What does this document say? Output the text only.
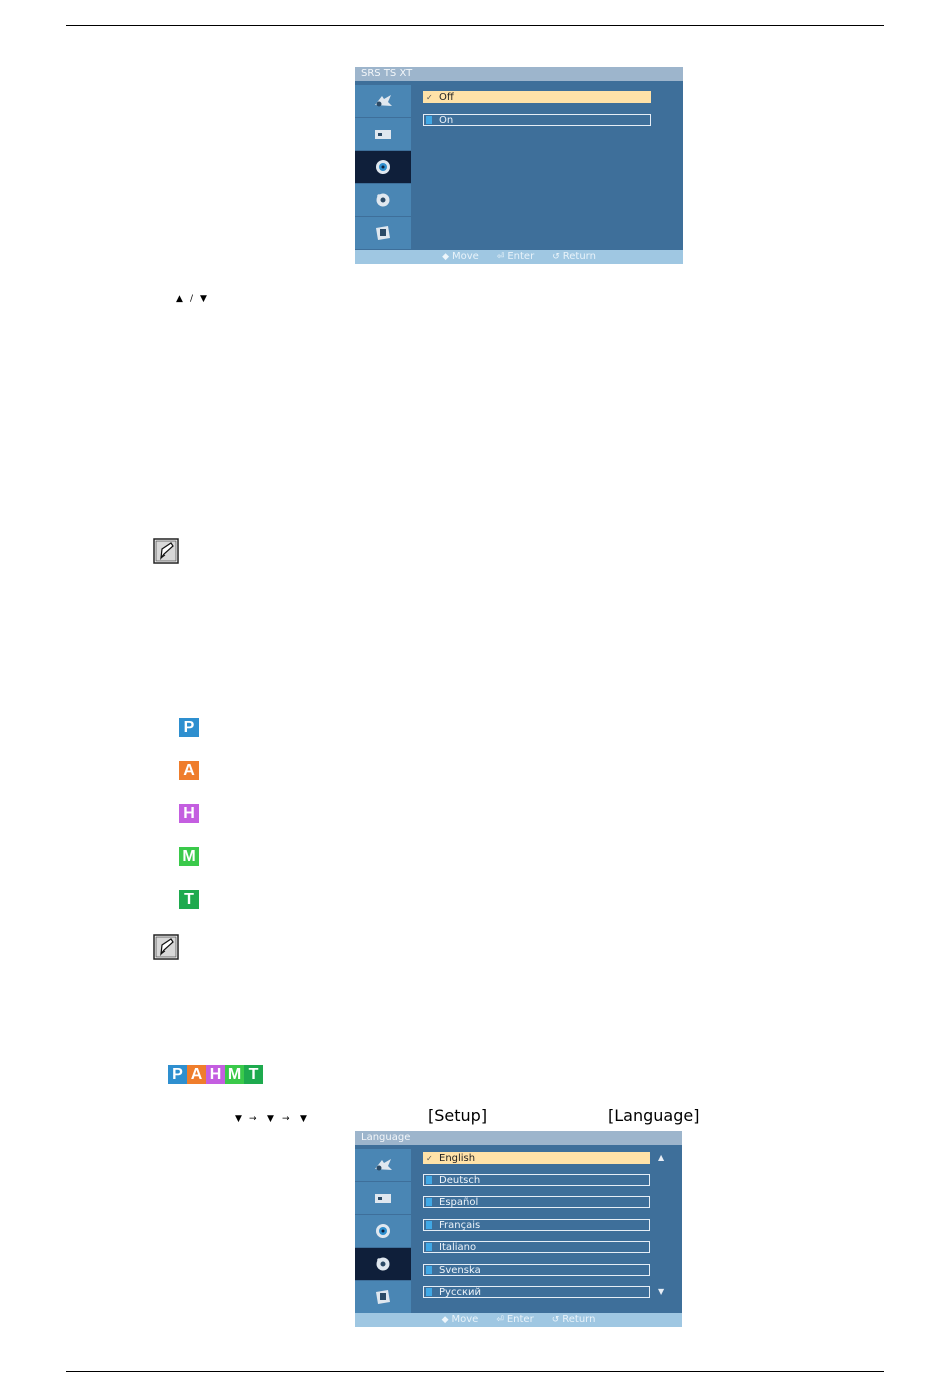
SRS TS XT
✓ Off
On
◆ Move ⏎ Enter ↺ Return
▲ / ▼
P
A
H
M
T
P A H M T
▼ → ▼ → ▼	[Setup]	[Language]
Language
✓ English
Deutsch
Español
Français
Italiano
Svenska
Русский
▲
▼
◆ Move ⏎ Enter ↺ Return
